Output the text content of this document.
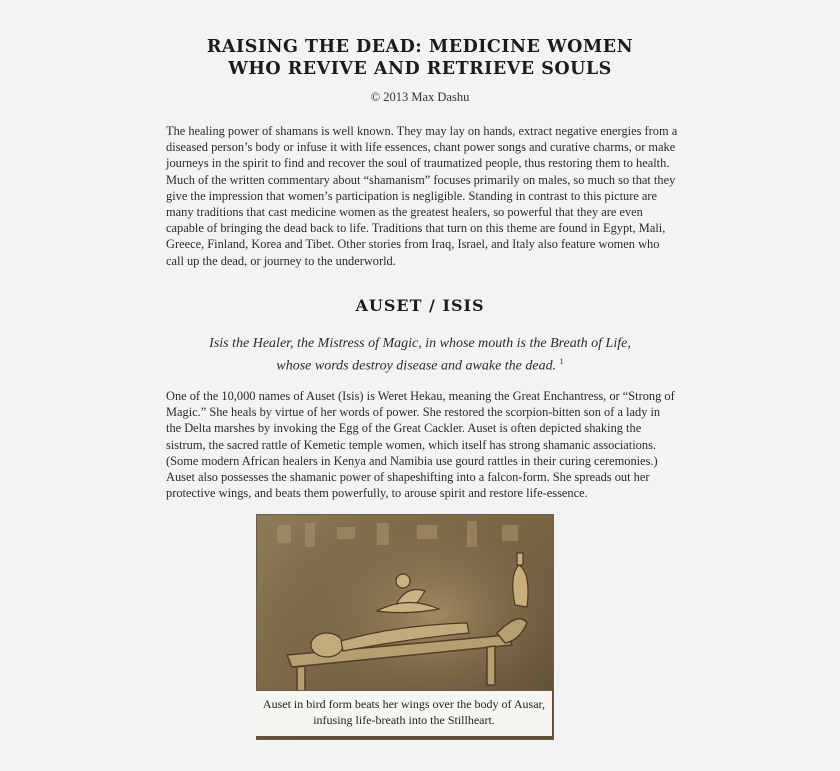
RAISING THE DEAD: MEDICINE WOMEN
WHO REVIVE AND RETRIEVE SOULS
© 2013 Max Dashu
The healing power of shamans is well known. They may lay on hands, extract negative energies from a diseased person’s body or infuse it with life essences, chant power songs and curative charms, or make journeys in the spirit to find and recover the soul of traumatized people, thus restoring them to health. Much of the written commentary about “shamanism” focuses primarily on males, so much so that they give the impression that women’s participation is negligible. Standing in contrast to this picture are many traditions that cast medicine women as the greatest healers, so powerful that they are even capable of bringing the dead back to life. Traditions that turn on this theme are found in Egypt, Mali, Greece, Finland, Korea and Tibet. Other stories from Iraq, Israel, and Italy also feature women who call up the dead, or journey to the underworld.
AUSET / ISIS
Isis the Healer, the Mistress of Magic, in whose mouth is the Breath of Life,
whose words destroy disease and awake the dead. $^1$
One of the 10,000 names of Auset (Isis) is Weret Hekau, meaning the Great Enchantress, or “Strong of Magic.” She heals by virtue of her words of power. She restored the scorpion-bitten son of a lady in the Delta marshes by invoking the Egg of the Great Cackler. Auset is often depicted shaking the sistrum, the sacred rattle of Kemetic temple women, which itself has strong shamanic associations. (Some modern African healers in Kenya and Namibia use gourd rattles in their curing ceremonies.) Auset also possesses the shamanic power of shapeshifting into a falcon-form. She spreads out her protective wings, and beats them powerfully, to arouse spirit and restore life-essence.
Auset in bird form beats her wings over the body of Ausar,
infusing life-breath into the Stillheart.
